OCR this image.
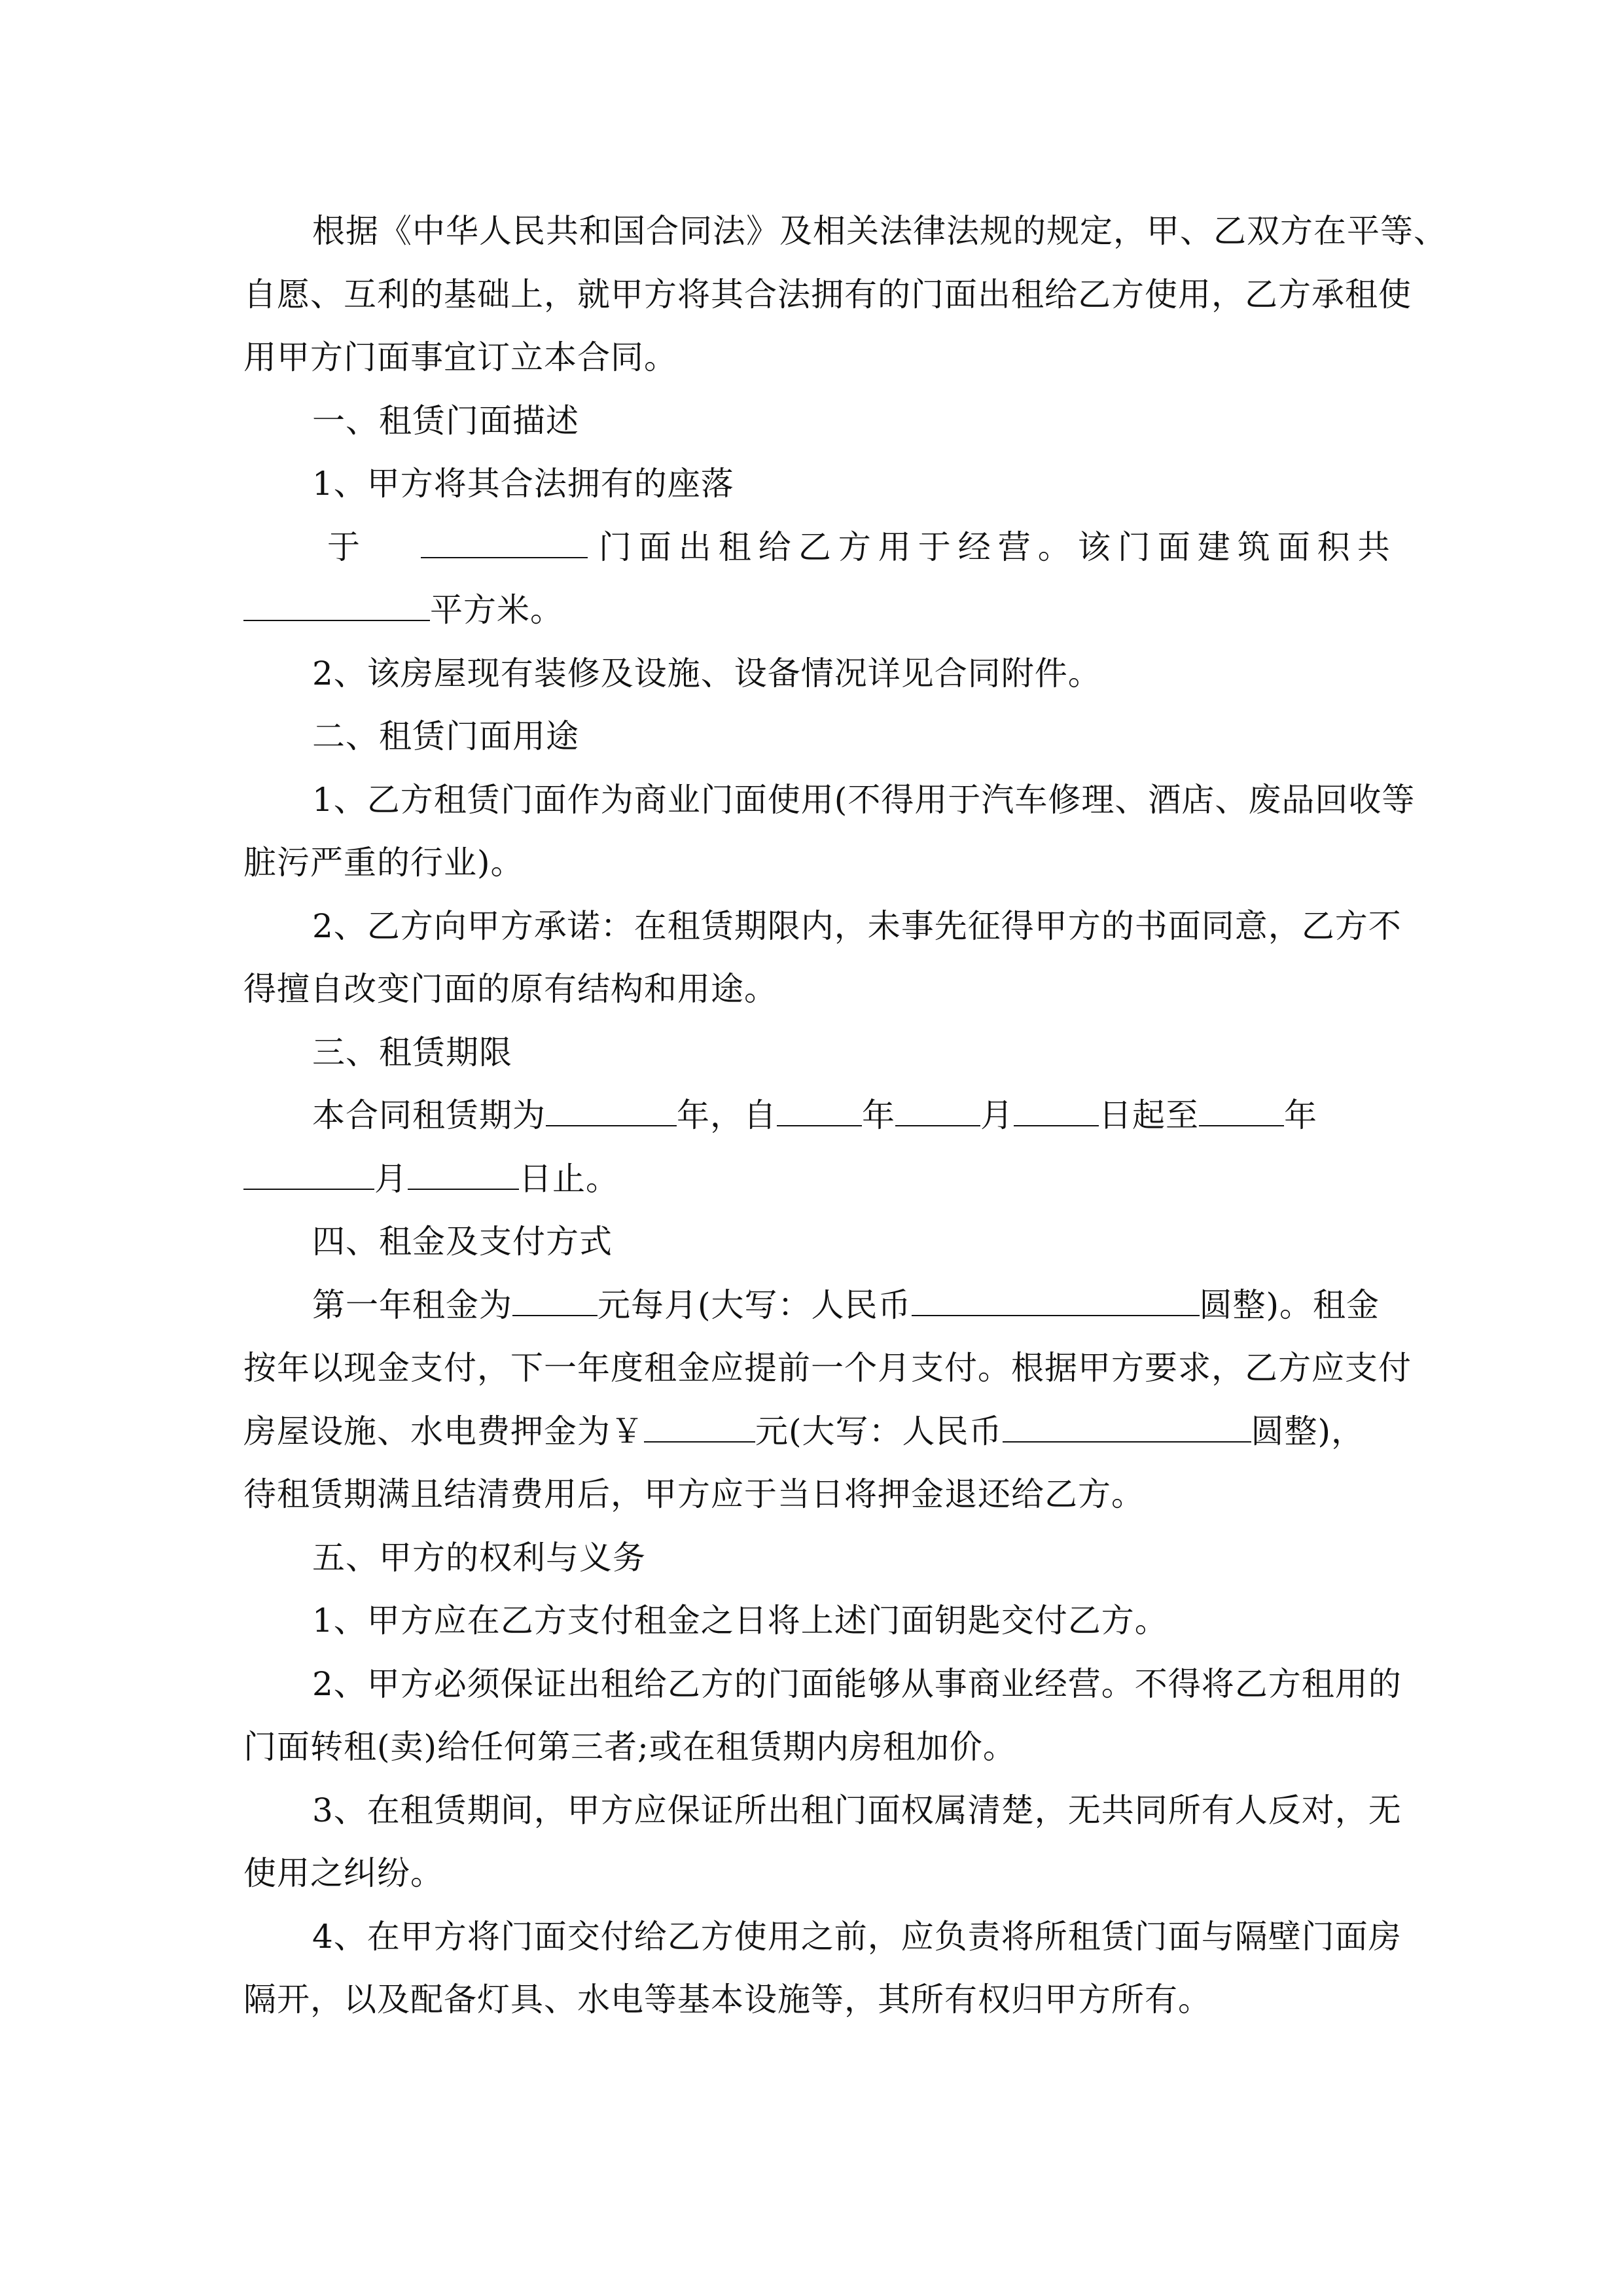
根据《中华人民共和国合同法》及相关法律法规的规定，甲、乙双方在平等、
自愿、互利的基础上，就甲方将其合法拥有的门面出租给乙方使用，乙方承租使
用甲方门面事宜订立本合同。
一、租赁门面描述
1、甲方将其合法拥有的座落
于	门面出租给乙方用于经营。该门面建筑面积共
平方米。
2、该房屋现有装修及设施、设备情况详见合同附件。
二、租赁门面用途
1、乙方租赁门面作为商业门面使用(不得用于汽车修理、酒店、废品回收等
脏污严重的行业)。
2、乙方向甲方承诺：在租赁期限内，未事先征得甲方的书面同意，乙方不
得擅自改变门面的原有结构和用途。
三、租赁期限
本合同租赁期为	年，自	年	月	日起至	年
月	日止。
四、租金及支付方式
第一年租金为	元每月(大写：人民币	圆整)。租金
按年以现金支付，下一年度租金应提前一个月支付。根据甲方要求，乙方应支付
房屋设施、水电费押金为￥	元(大写：人民币	圆整)，
待租赁期满且结清费用后，甲方应于当日将押金退还给乙方。
五、甲方的权利与义务
1、甲方应在乙方支付租金之日将上述门面钥匙交付乙方。
2、甲方必须保证出租给乙方的门面能够从事商业经营。不得将乙方租用的
门面转租(卖)给任何第三者;或在租赁期内房租加价。
3、在租赁期间，甲方应保证所出租门面权属清楚，无共同所有人反对，无
使用之纠纷。
4、在甲方将门面交付给乙方使用之前，应负责将所租赁门面与隔壁门面房
隔开，以及配备灯具、水电等基本设施等，其所有权归甲方所有。
